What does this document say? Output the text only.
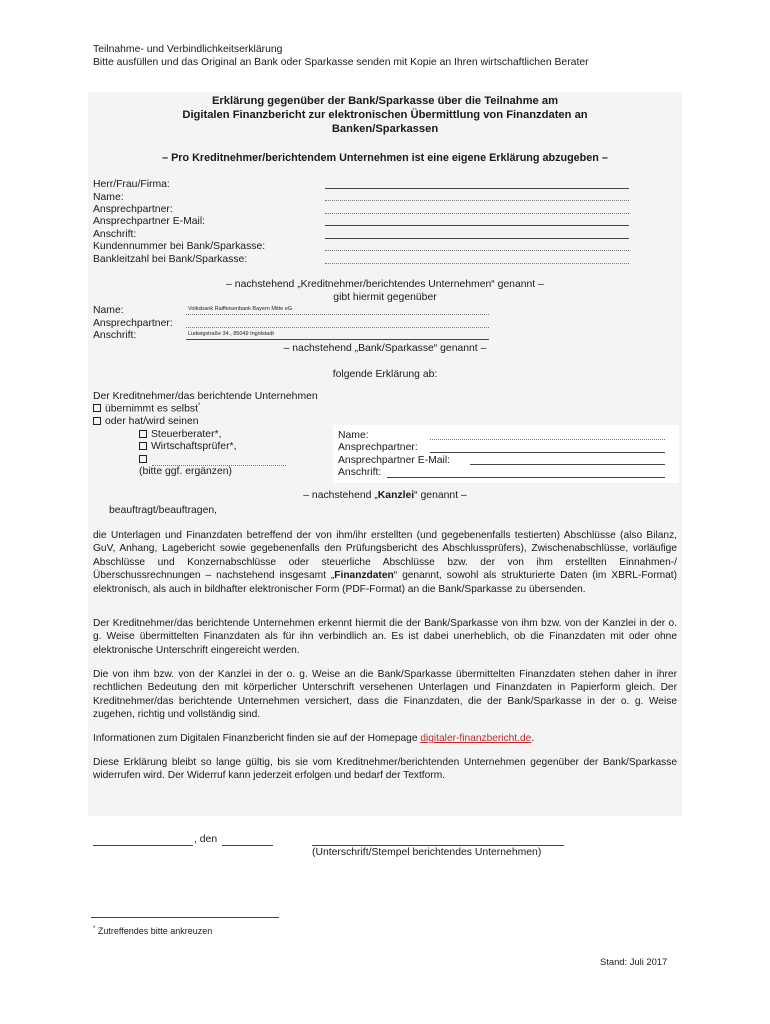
Teilnahme- und Verbindlichkeitserklärung
Bitte ausfüllen und das Original an Bank oder Sparkasse senden mit Kopie an Ihren wirtschaftlichen Berater
Erklärung gegenüber der Bank/Sparkasse über die Teilnahme am
Digitalen Finanzbericht zur elektronischen Übermittlung von Finanzdaten an
Banken/Sparkassen
– Pro Kreditnehmer/berichtendem Unternehmen ist eine eigene Erklärung abzugeben –
Herr/Frau/Firma:
Name:
Ansprechpartner:
Ansprechpartner E-Mail:
Anschrift:
Kundennummer bei Bank/Sparkasse:
Bankleitzahl bei Bank/Sparkasse:
– nachstehend „Kreditnehmer/berichtendes Unternehmen“ genannt –
gibt hiermit gegenüber
Name:
Ansprechpartner:
Anschrift:
Volksbank Raiffeisenbank Bayern Mitte eG
Ludwigstraße 34., 85049 Ingolstadt
– nachstehend „Bank/Sparkasse“ genannt –
folgende Erklärung ab:
Der Kreditnehmer/das berichtende Unternehmen
übernimmt es selbst*
oder hat/wird seinen
Steuerberater*,
Wirtschaftsprüfer*,
(bitte ggf. ergänzen)
Name:
Ansprechpartner:
Ansprechpartner E-Mail:
Anschrift:
– nachstehend „Kanzlei“ genannt –
beauftragt/beauftragen,
die Unterlagen und Finanzdaten betreffend der von ihm/ihr erstellten (und gegebenenfalls testierten) Abschlüsse (also Bilanz, GuV, Anhang, Lagebericht sowie gegebenenfalls den Prüfungsbericht des Abschlussprüfers), Zwischenabschlüsse, vorläufige Abschlüsse und Konzernabschlüsse oder steuerliche Abschlüsse bzw. der von ihm erstellten Einnahmen-/Überschussrechnungen – nachstehend insgesamt „Finanzdaten“ genannt, sowohl als strukturierte Daten (im XBRL-Format) elektronisch, als auch in bildhafter elektronischer Form (PDF-Format) an die Bank/Sparkasse zu übersenden.
Der Kreditnehmer/das berichtende Unternehmen erkennt hiermit die der Bank/Sparkasse von ihm bzw. von der Kanzlei in der o. g. Weise übermittelten Finanzdaten als für ihn verbindlich an. Es ist dabei unerheblich, ob die Finanzdaten mit oder ohne elektronische Unterschrift eingereicht werden.
Die von ihm bzw. von der Kanzlei in der o. g. Weise an die Bank/Sparkasse übermittelten Finanzdaten stehen daher in ihrer rechtlichen Bedeutung den mit körperlicher Unterschrift versehenen Unterlagen und Finanzdaten in Papierform gleich. Der Kreditnehmer/das berichtende Unternehmen versichert, dass die Finanzdaten, die der Bank/Sparkasse in der o. g. Weise zugehen, richtig und vollständig sind.
Informationen zum Digitalen Finanzbericht finden sie auf der Homepage digitaler-finanzbericht.de.
Diese Erklärung bleibt so lange gültig, bis sie vom Kreditnehmer/berichtenden Unternehmen gegenüber der Bank/Sparkasse widerrufen wird. Der Widerruf kann jederzeit erfolgen und bedarf der Textform.
, den
(Unterschrift/Stempel berichtendes Unternehmen)
* Zutreffendes bitte ankreuzen
Stand: Juli 2017
